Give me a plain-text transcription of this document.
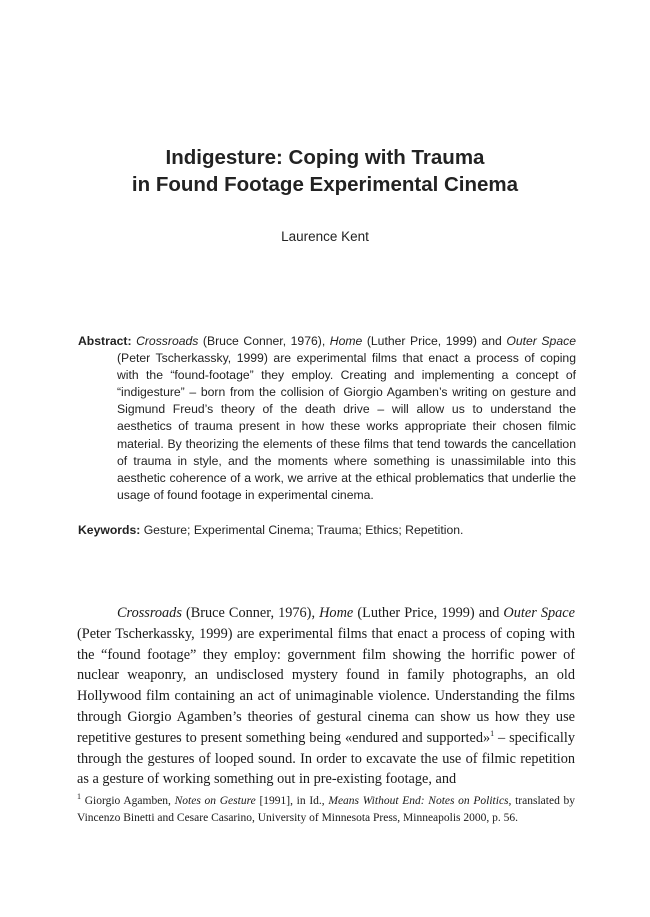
Indigesture: Coping with Trauma
in Found Footage Experimental Cinema
Laurence Kent

Abstract: Crossroads (Bruce Conner, 1976), Home (Luther Price, 1999) and Outer Space (Peter Tscherkassky, 1999) are experimental films that enact a process of coping with the “found-footage” they employ. Creating and implementing a concept of “indigesture” – born from the collision of Giorgio Agamben’s writing on gesture and Sigmund Freud’s theory of the death drive – will allow us to understand the aesthetics of trauma present in how these works appropriate their chosen filmic material. By theorizing the elements of these films that tend towards the cancellation of trauma in style, and the moments where something is unassimilable into this aesthetic coherence of a work, we arrive at the ethical problematics that underlie the usage of found footage in experimental cinema.

Keywords: Gesture; Experimental Cinema; Trauma; Ethics; Repetition.

Crossroads (Bruce Conner, 1976), Home (Luther Price, 1999) and Outer Space (Peter Tscherkassky, 1999) are experimental films that enact a process of coping with the “found footage” they employ: government film showing the horrific power of nuclear weaponry, an undisclosed mystery found in family photographs, an old Hollywood film containing an act of unimaginable violence. Understanding the films through Giorgio Agamben’s theories of gestural cinema can show us how they use repetitive gestures to present something being «endured and supported»$^1$ – specifically through the gestures of looped sound. In order to excavate the use of filmic repetition as a gesture of working something out in pre-existing footage, and

$^1$ Giorgio Agamben, Notes on Gesture [1991], in Id., Means Without End: Notes on Politics, translated by Vincenzo Binetti and Cesare Casarino, University of Minnesota Press, Minneapolis 2000, p. 56.
